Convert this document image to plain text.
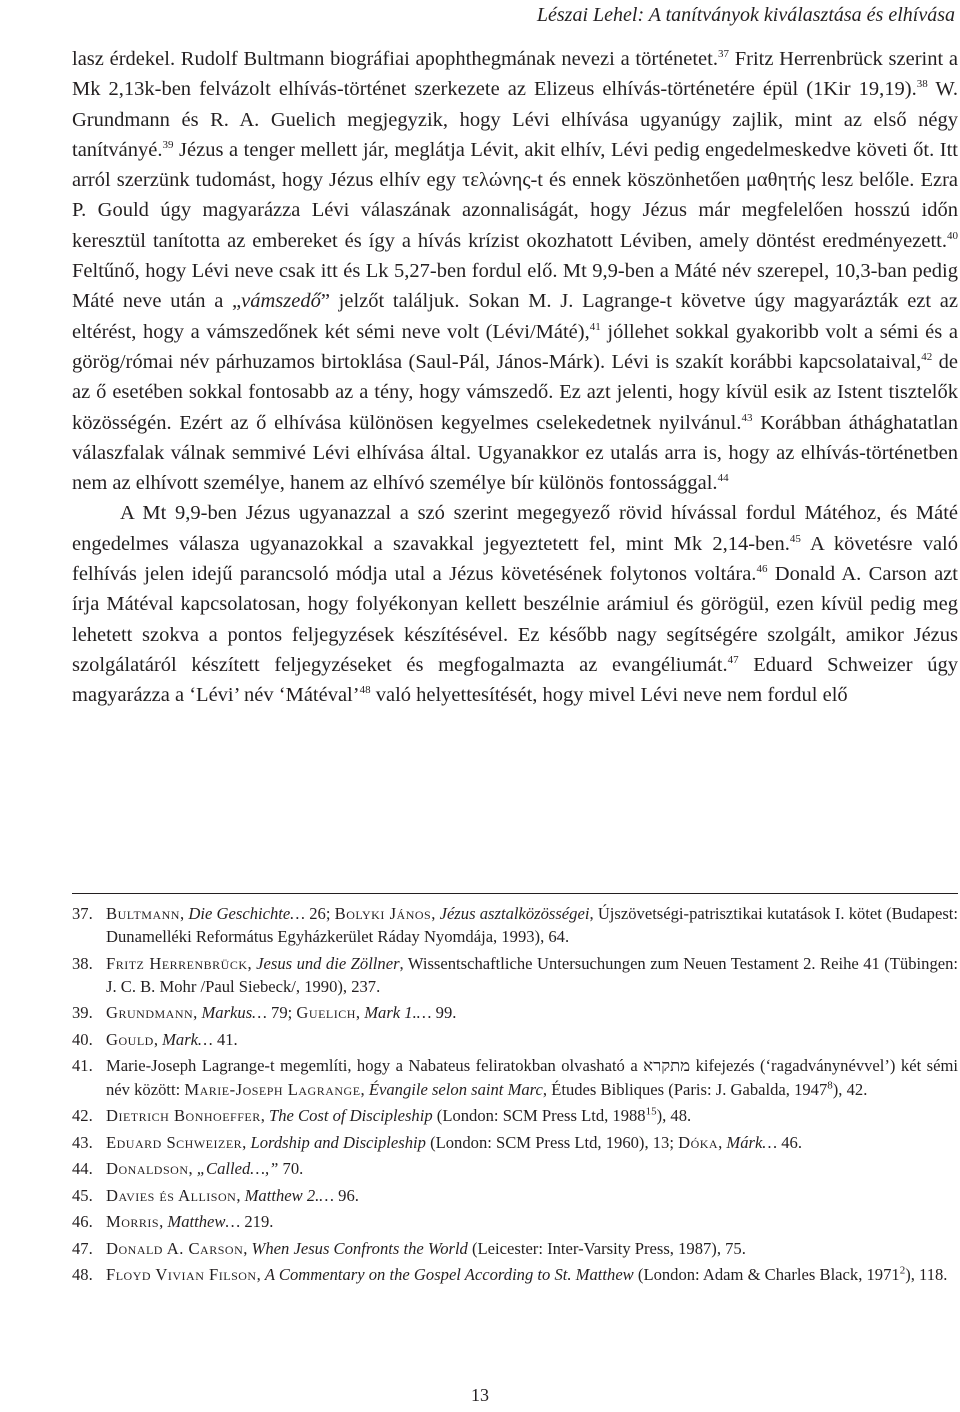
Lészai Lehel: A tanítványok kiválasztása és elhívása

lasz érdekel. Rudolf Bultmann biográfiai apophthegmának nevezi a történetet.$^{37}$ Fritz Herrenbrück szerint a Mk 2,13k-ben felvázolt elhívás-történet szerkezete az Elizeus elhívás-történetére épül (1Kir 19,19).$^{38}$ W. Grundmann és R. A. Guelich megjegyzik, hogy Lévi elhívása ugyanúgy zajlik, mint az első négy tanítványé.$^{39}$ Jézus a tenger mellett jár, meglátja Lévit, akit elhív, Lévi pedig engedelmeskedve követi őt. Itt arról szerzünk tudomást, hogy Jézus elhív egy τελώνης-t és ennek köszönhetően μαθητής lesz belőle. Ezra P. Gould úgy magyarázza Lévi válaszának azonnaliságát, hogy Jézus már megfelelően hosszú időn keresztül tanította az embereket és így a hívás krízist okozhatott Léviben, amely döntést eredményezett.$^{40}$ Feltűnő, hogy Lévi neve csak itt és Lk 5,27-ben fordul elő. Mt 9,9-ben a Máté név szerepel, 10,3-ban pedig Máté neve után a „vámszedő” jelzőt találjuk. Sokan M. J. Lagrange-t követve úgy magyarázták ezt az eltérést, hogy a vámszedőnek két sémi neve volt (Lévi/Máté),$^{41}$ jóllehet sokkal gyakoribb volt a sémi és a görög/római név párhuzamos birtoklása (Saul-Pál, János-Márk). Lévi is szakít korábbi kapcsolataival,$^{42}$ de az ő esetében sokkal fontosabb az a tény, hogy vámszedő. Ez azt jelenti, hogy kívül esik az Istent tisztelők közösségén. Ezért az ő elhívása különösen kegyelmes cselekedetnek nyilvánul.$^{43}$ Korábban áthághatatlan válaszfalak válnak semmivé Lévi elhívása által. Ugyanakkor ez utalás arra is, hogy az elhívás-történetben nem az elhívott személye, hanem az elhívó személye bír különös fontossággal.$^{44}$

A Mt 9,9-ben Jézus ugyanazzal a szó szerint megegyező rövid hívással fordul Mátéhoz, és Máté engedelmes válasza ugyanazokkal a szavakkal jegyeztetett fel, mint Mk 2,14-ben.$^{45}$ A követésre való felhívás jelen idejű parancsoló módja utal a Jézus követésének folytonos voltára.$^{46}$ Donald A. Carson azt írja Mátéval kapcsolatosan, hogy folyékonyan kellett beszélnie arámiul és görögül, ezen kívül pedig meg lehetett szokva a pontos feljegyzések készítésével. Ez később nagy segítségére szolgált, amikor Jézus szolgálatáról készített feljegyzéseket és megfogalmazta az evangéliumát.$^{47}$ Eduard Schweizer úgy magyarázza a ‘Lévi’ név ‘Mátéval’$^{48}$ való helyettesítését, hogy mivel Lévi neve nem fordul elő

37. Bultmann, Die Geschichte… 26; Bolyki János, Jézus asztalközösségei, Újszövetségi-patrisztikai kutatások I. kötet (Budapest: Dunamelléki Református Egyházkerület Ráday Nyomdája, 1993), 64.
38. Fritz Herrenbrück, Jesus und die Zöllner, Wissentschaftliche Untersuchungen zum Neuen Testament 2. Reihe 41 (Tübingen: J. C. B. Mohr /Paul Siebeck/, 1990), 237.
39. Grundmann, Markus… 79; Guelich, Mark 1.… 99.
40. Gould, Mark… 41.
41. Marie-Joseph Lagrange-t megemlíti, hogy a Nabateus feliratokban olvasható a מתקרא kifejezés (‘ragadványnévvel’) két sémi név között: Marie-Joseph Lagrange, Évangile selon saint Marc, Études Bibliques (Paris: J. Gabalda, 1947$^8$), 42.
42. Dietrich Bonhoeffer, The Cost of Discipleship (London: SCM Press Ltd, 1988$^{15}$), 48.
43. Eduard Schweizer, Lordship and Discipleship (London: SCM Press Ltd, 1960), 13; Dóka, Márk… 46.
44. Donaldson, „Called…,” 70.
45. Davies és Allison, Matthew 2.… 96.
46. Morris, Matthew… 219.
47. Donald A. Carson, When Jesus Confronts the World (Leicester: Inter-Varsity Press, 1987), 75.
48. Floyd Vivian Filson, A Commentary on the Gospel According to St. Matthew (London: Adam & Charles Black, 1971$^2$), 118.
13
